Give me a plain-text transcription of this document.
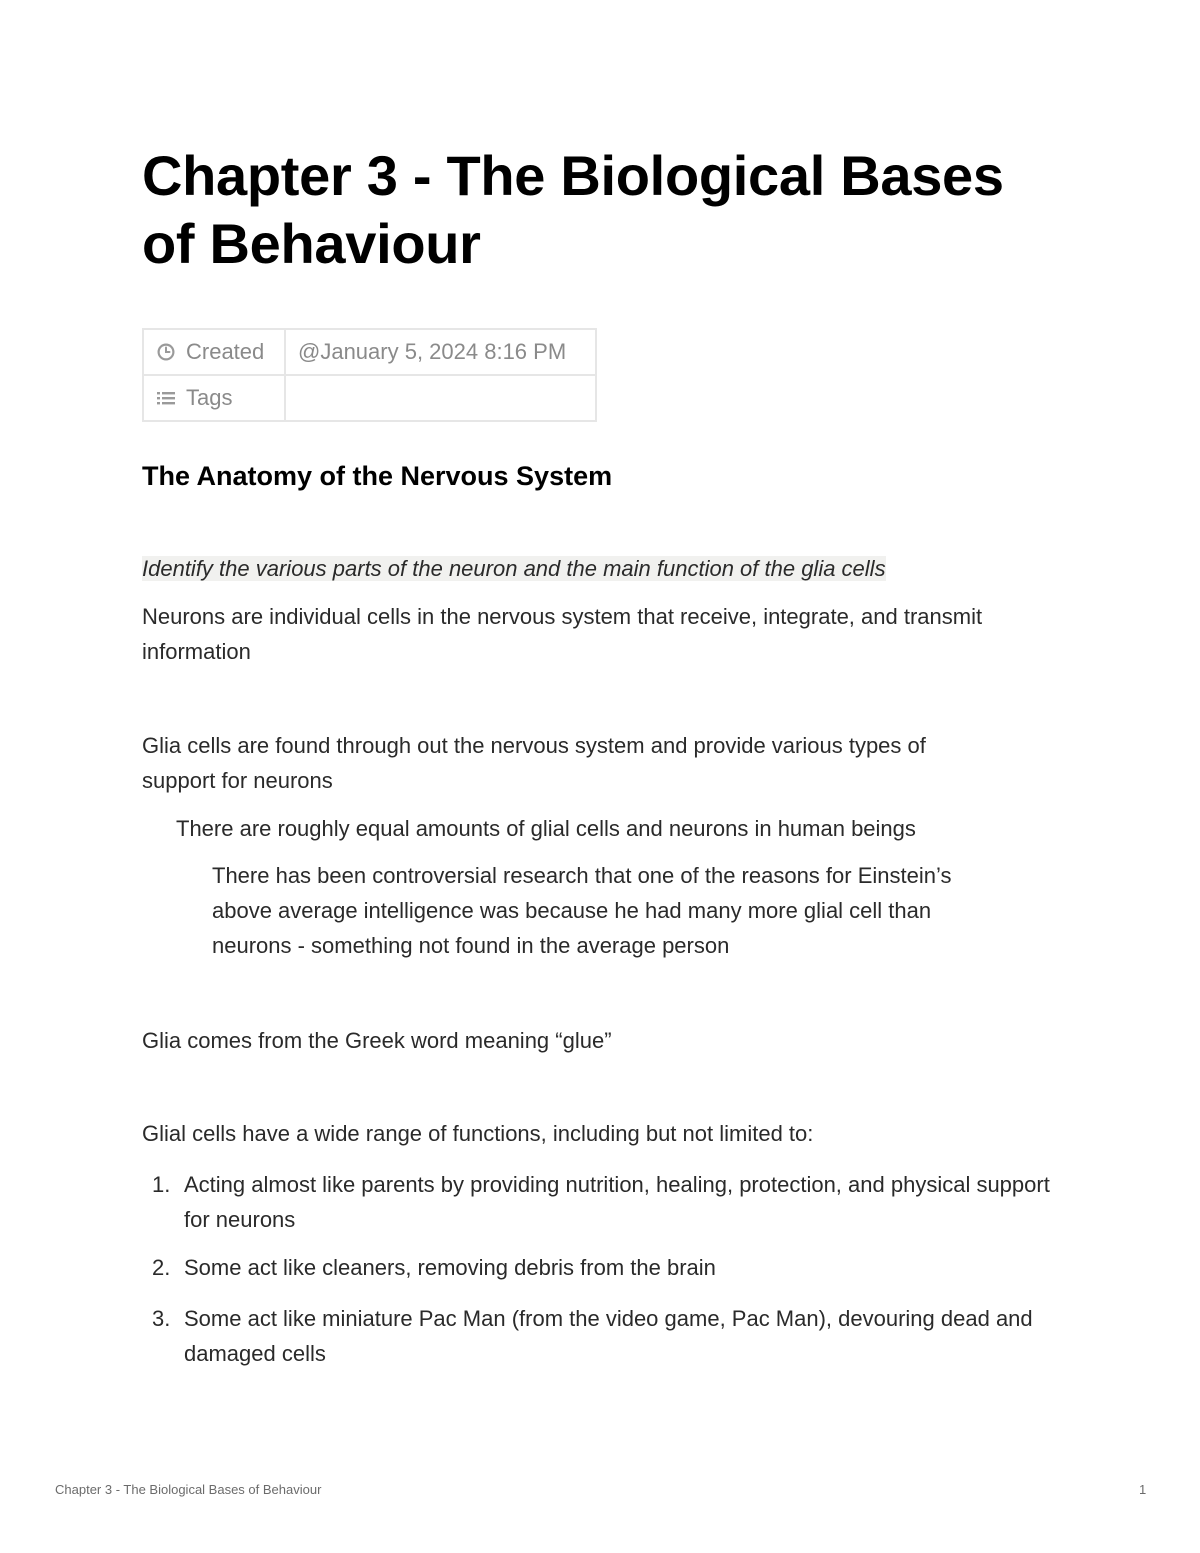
Chapter 3 - The Biological Bases of Behaviour
Created	@January 5, 2024 8:16 PM
Tags	
The Anatomy of the Nervous System

Identify the various parts of the neuron and the main function of the glia cells

Neurons are individual cells in the nervous system that receive, integrate, and transmit information

Glia cells are found through out the nervous system and provide various types of support for neurons

There are roughly equal amounts of glial cells and neurons in human beings

There has been controversial research that one of the reasons for Einstein’s above average intelligence was because he had many more glial cell than neurons - something not found in the average person

Glia comes from the Greek word meaning “glue”

Glial cells have a wide range of functions, including but not limited to:

1. Acting almost like parents by providing nutrition, healing, protection, and physical support for neurons
2. Some act like cleaners, removing debris from the brain
3. Some act like miniature Pac Man (from the video game, Pac Man), devouring dead and damaged cells
Chapter 3 - The Biological Bases of Behaviour	1
